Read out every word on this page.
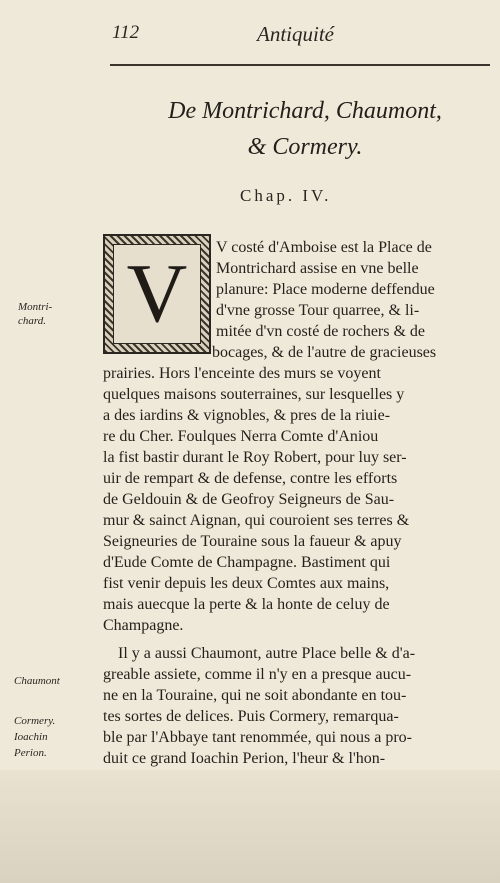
112	Antiquité
De Montrichard, Chaumont,
& Cormery.
Chap. IV.
V V costé d'Amboise est la Place de
Montrichard assise en vne belle
planure: Place moderne deffendue
d'vne grosse Tour quarree, & li-
mitée d'vn costé de rochers & de
bocages, & de l'autre de gracieuses
prairies. Hors l'enceinte des murs se voyent
quelques maisons souterraines, sur lesquelles y
a des iardins & vignobles, & pres de la riuie-
re du Cher. Foulques Nerra Comte d'Aniou
la fist bastir durant le Roy Robert, pour luy ser-
uir de rempart & de defense, contre les efforts
de Geldouin & de Geofroy Seigneurs de Sau-
mur & sainct Aignan, qui couroient ses terres &
Seigneuries de Touraine sous la faueur & apuy
d'Eude Comte de Champagne. Bastiment qui
fist venir depuis les deux Comtes aux mains,
mais auecque la perte & la honte de celuy de
Champagne.
Il y a aussi Chaumont, autre Place belle & d'a-
greable assiete, comme il n'y en a presque aucu-
ne en la Touraine, qui ne soit abondante en tou-
tes sortes de delices. Puis Cormery, remarqua-
ble par l'Abbaye tant renommée, qui nous a pro-
duit ce grand Ioachin Perion, l'heur & l'hon-
Montri-chard.
Chaumont
Cormery.
Ioachin
Perion.
